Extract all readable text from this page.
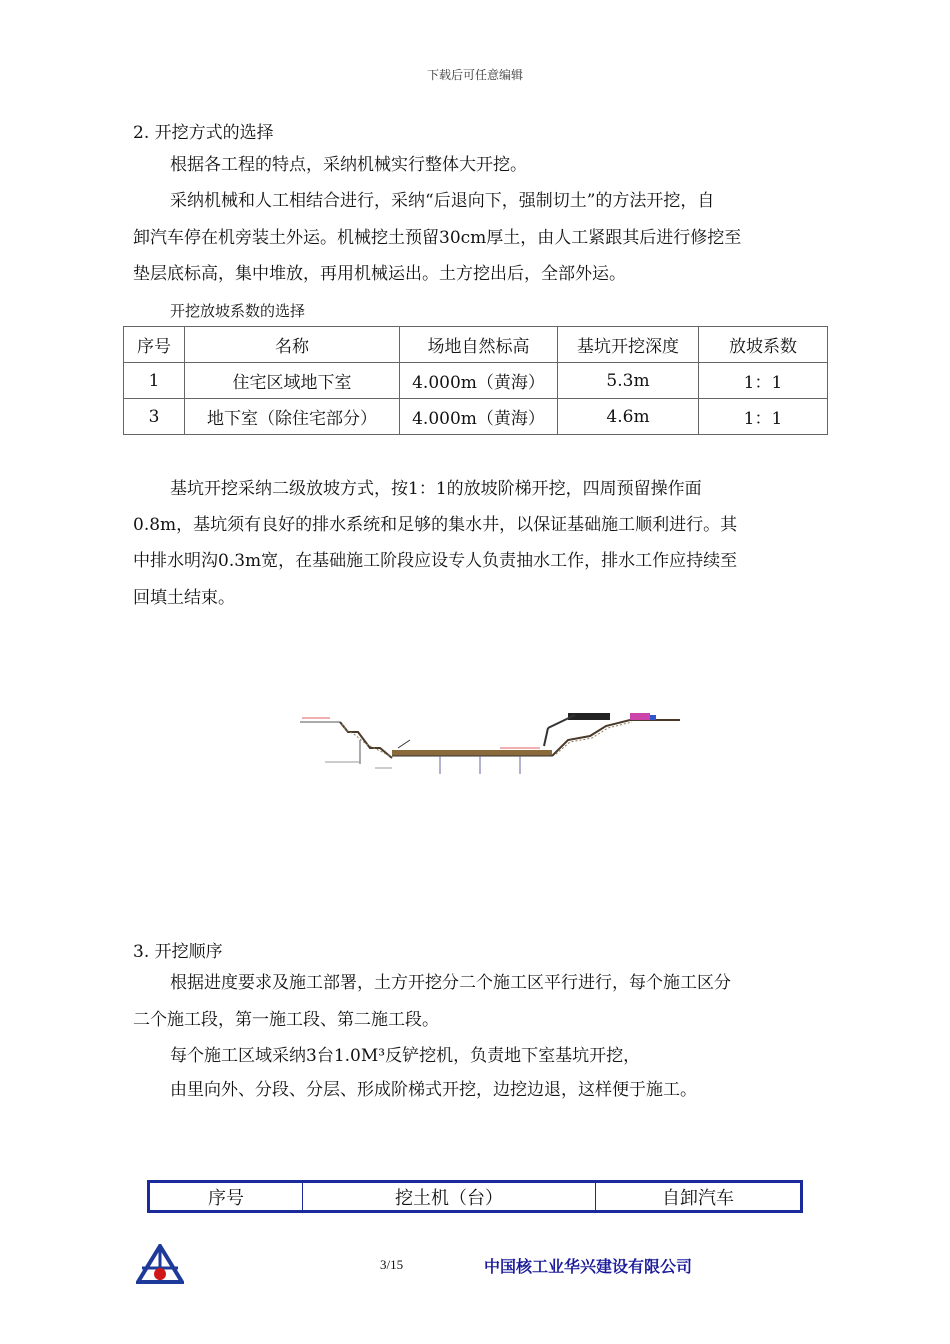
下载后可任意编辑
2. 开挖方式的选择
根据各工程的特点，采纳机械实行整体大开挖。
采纳机械和人工相结合进行，采纳“后退向下，强制切土”的方法开挖，自
卸汽车停在机旁装土外运。机械挖土预留30cm厚土，由人工紧跟其后进行修挖至
垫层底标高，集中堆放，再用机械运出。土方挖出后，全部外运。
开挖放坡系数的选择
序号	名称	场地自然标高	基坑开挖深度	放坡系数
1	住宅区域地下室	4.000m（黄海）	5.3m	1：1
3	地下室（除住宅部分）	4.000m（黄海）	4.6m	1：1
基坑开挖采纳二级放坡方式，按1：1的放坡阶梯开挖，四周预留操作面
0.8m，基坑须有良好的排水系统和足够的集水井，以保证基础施工顺利进行。其
中排水明沟0.3m宽，在基础施工阶段应设专人负责抽水工作，排水工作应持续至
回填土结束。
3. 开挖顺序
根据进度要求及施工部署，土方开挖分二个施工区平行进行，每个施工区分
二个施工段，第一施工段、第二施工段。
每个施工区域采纳3台1.0M³反铲挖机，负责地下室基坑开挖，
由里向外、分段、分层、形成阶梯式开挖，边挖边退，这样便于施工。
序号	挖土机（台）	自卸汽车
3/15	中国核工业华兴建设有限公司
